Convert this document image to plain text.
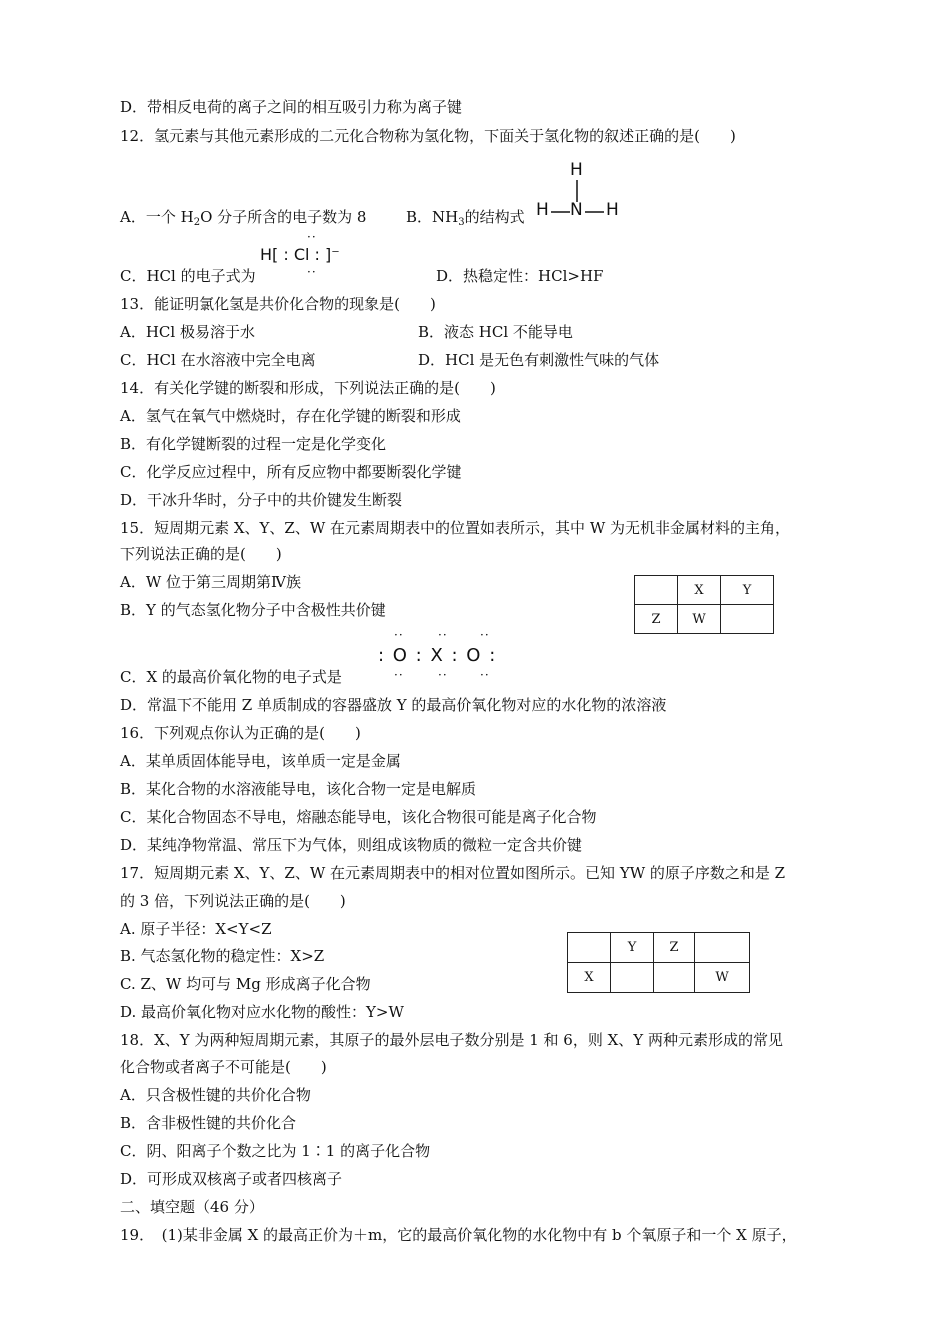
D．带相反电荷的离子之间的相互吸引力称为离子键
12．氢元素与其他元素形成的二元化合物称为氢化物，下面关于氢化物的叙述正确的是(　　)
H
H N H
A．一个 $H_2O$ 分子所含的电子数为 8	B．$NH_3$的结构式
··
H[ : Cl : ]⁻
··
C．HCl 的电子式为	D．热稳定性：HCl>HF
13．能证明氯化氢是共价化合物的现象是(　　)
A．HCl 极易溶于水	B．液态 HCl 不能导电
C．HCl 在水溶液中完全电离	D．HCl 是无色有刺激性气味的气体
14．有关化学键的断裂和形成，下列说法正确的是(　　)
A．氢气在氧气中燃烧时，存在化学键的断裂和形成
B．有化学键断裂的过程一定是化学变化
C．化学反应过程中，所有反应物中都要断裂化学键
D．干冰升华时，分子中的共价键发生断裂
15．短周期元素 X、Y、Z、W 在元素周期表中的位置如表所示，其中 W 为无机非金属材料的主角，
下列说法正确的是(　　)
A．W 位于第三周期第Ⅳ族
B．Y 的气态氢化物分子中含极性共价键
	X	Y
Z	W	
··	··	··
: O : X : O :
··	··	··
C．X 的最高价氧化物的电子式是
D．常温下不能用 Z 单质制成的容器盛放 Y 的最高价氧化物对应的水化物的浓溶液
16．下列观点你认为正确的是(　　)
A．某单质固体能导电，该单质一定是金属
B．某化合物的水溶液能导电，该化合物一定是电解质
C．某化合物固态不导电，熔融态能导电，该化合物很可能是离子化合物
D．某纯净物常温、常压下为气体，则组成该物质的微粒一定含共价键
17．短周期元素 X、Y、Z、W 在元素周期表中的相对位置如图所示。已知 YW 的原子序数之和是 Z
的 3 倍，下列说法正确的是(　　)
A. 原子半径：X<Y<Z
B. 气态氢化物的稳定性：X>Z
C. Z、W 均可与 Mg 形成离子化合物
D. 最高价氧化物对应水化物的酸性：Y>W
	Y	Z	
X			W
18．X、Y 为两种短周期元素，其原子的最外层电子数分别是 1 和 6，则 X、Y 两种元素形成的常见
化合物或者离子不可能是(　　)
A．只含极性键的共价化合物
B．含非极性键的共价化合
C．阴、阳离子个数之比为 1∶1 的离子化合物
D．可形成双核离子或者四核离子
二、填空题（46 分）
19．　(1)某非金属 X 的最高正价为＋m，它的最高价氧化物的水化物中有 b 个氧原子和一个 X 原子，
